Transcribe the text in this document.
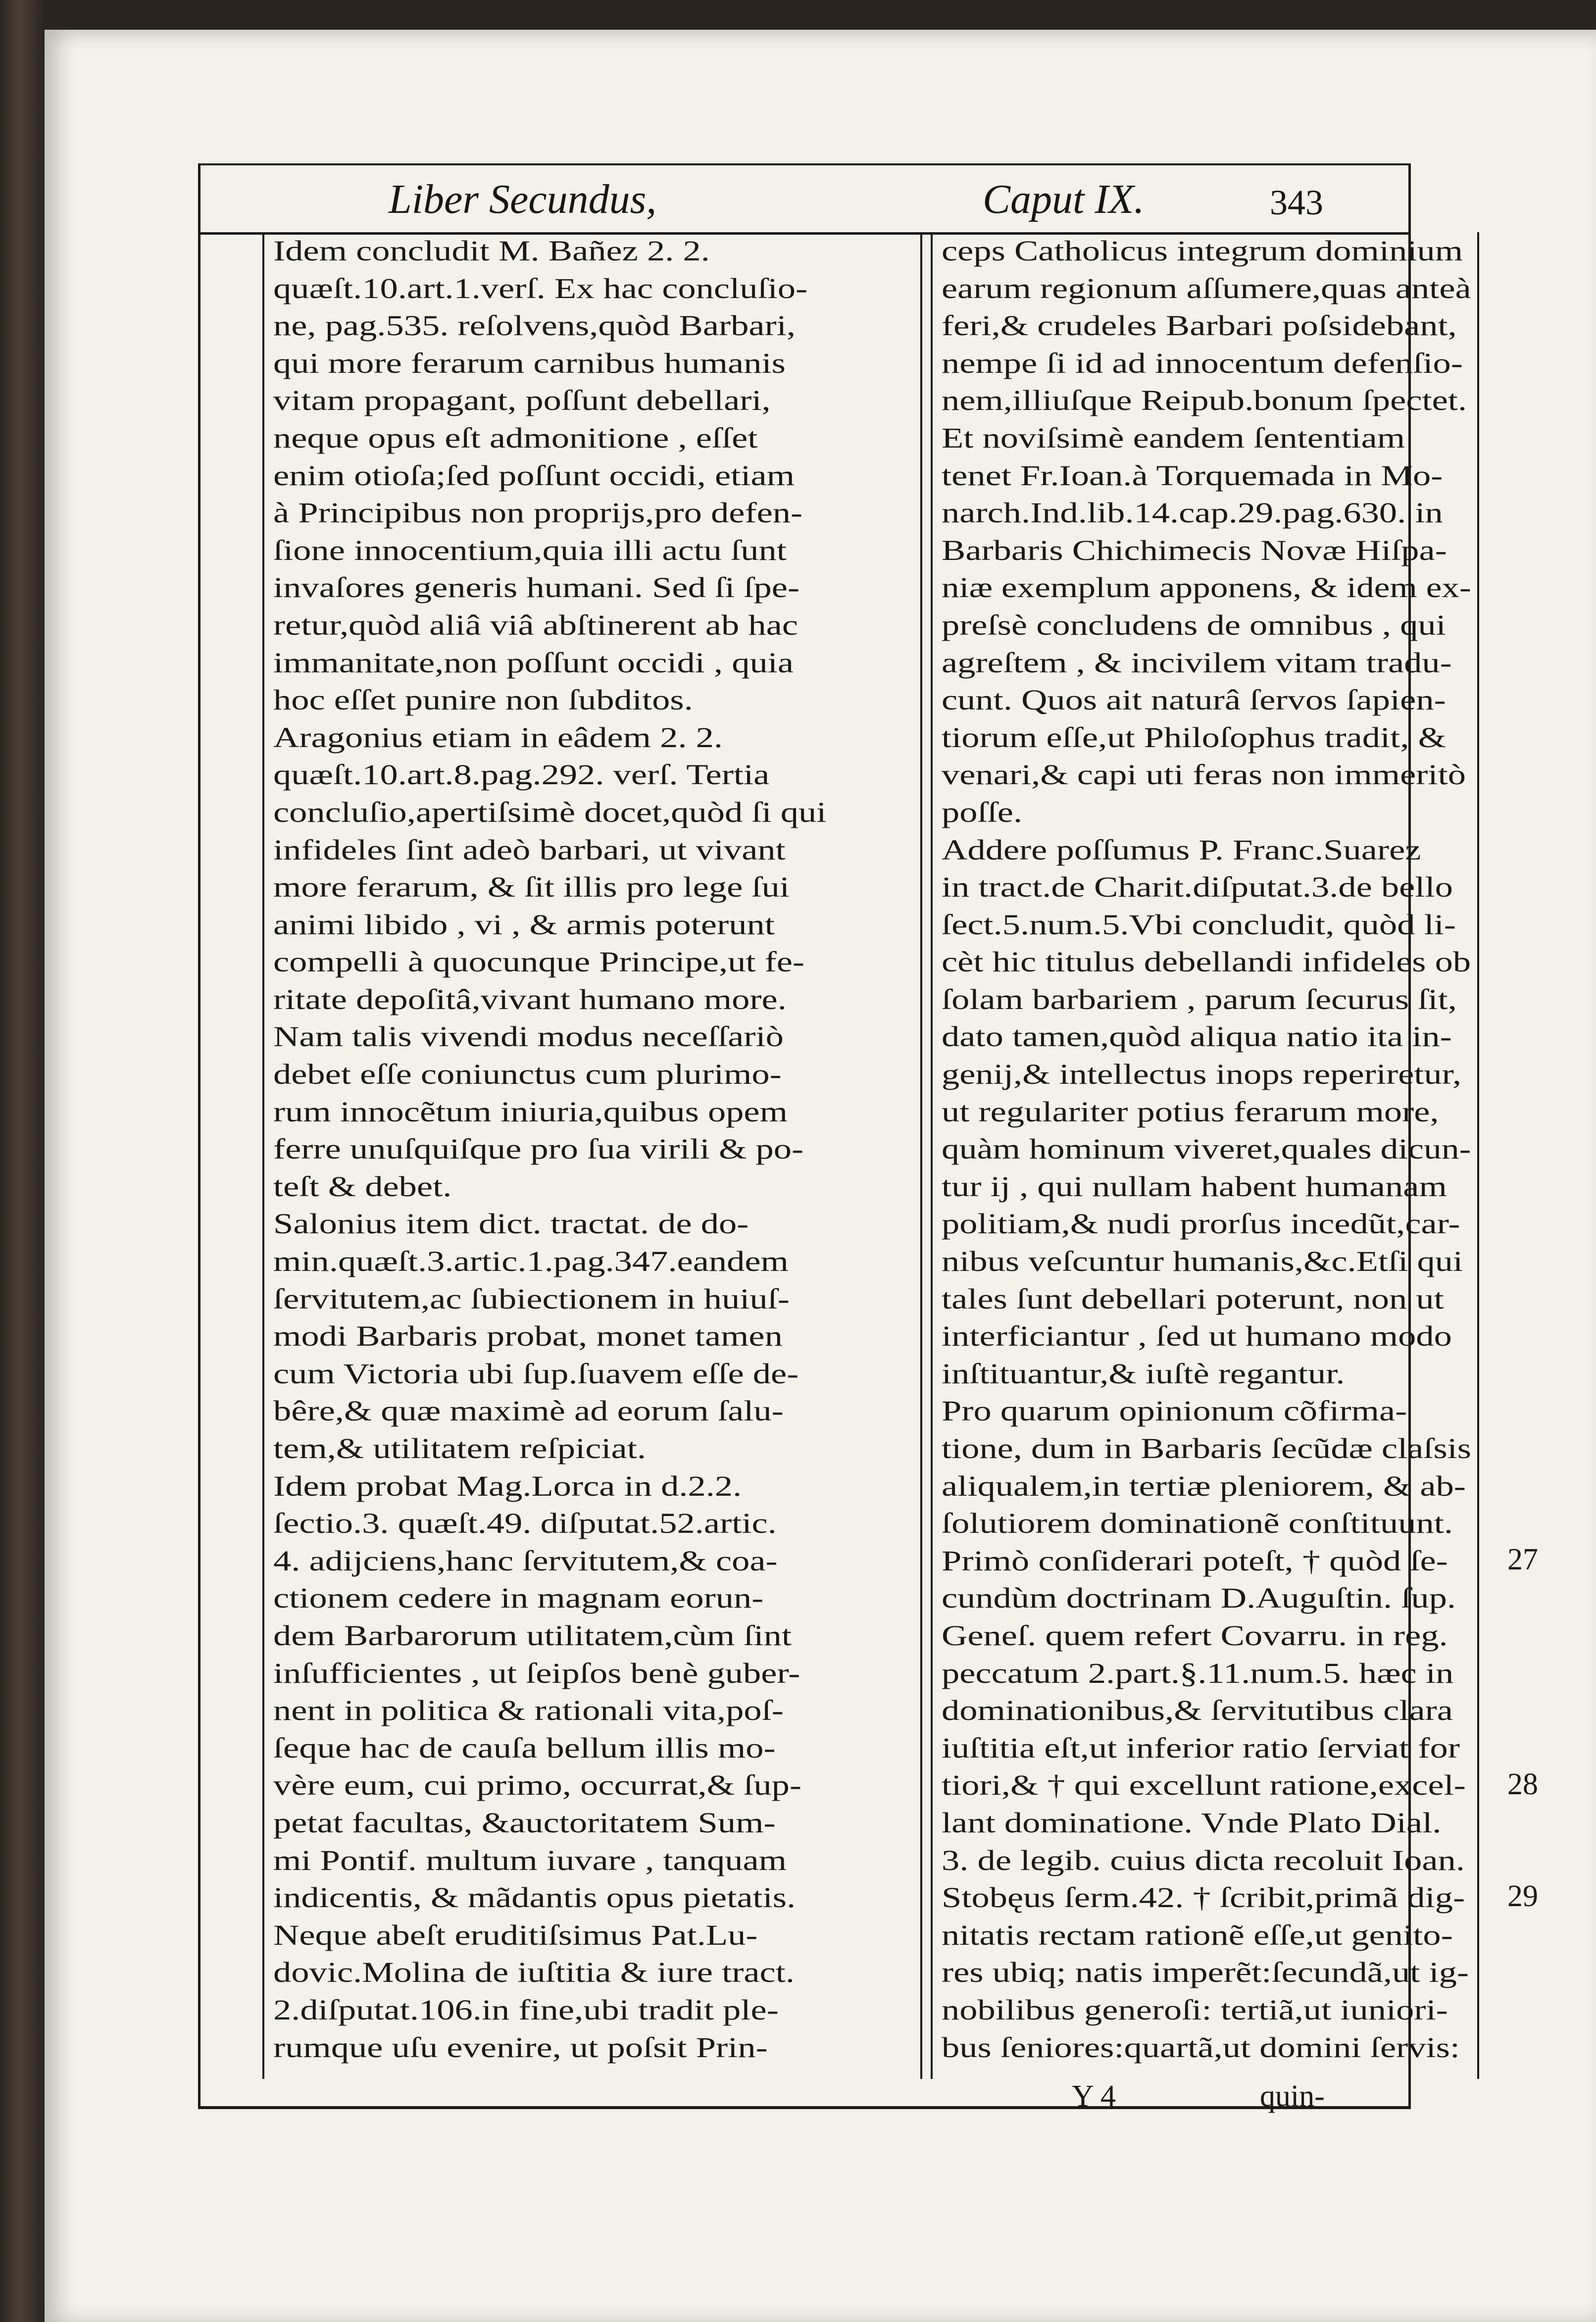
Liber Secundus,	Caput IX.	343
Idem concludit M. Bañez 2. 2.
quæſt.10.art.1.verſ. Ex hac concluſio-
ne, pag.535. reſolvens,quòd Barbari,
qui more ferarum carnibus humanis
vitam propagant, poſſunt debellari,
neque opus eſt admonitione , eſſet
enim otioſa;ſed poſſunt occidi, etiam
à Principibus non proprijs,pro defen-
ſione innocentium,quia illi actu ſunt
invaſores generis humani. Sed ſi ſpe-
retur,quòd aliâ viâ abſtinerent ab hac
immanitate,non poſſunt occidi , quia
hoc eſſet punire non ſubditos.
Aragonius etiam in eâdem 2. 2.
quæſt.10.art.8.pag.292. verſ. Tertia
concluſio,apertiſsimè docet,quòd ſi qui
infideles ſint adeò barbari, ut vivant
more ferarum, & ſit illis pro lege ſui
animi libido , vi , & armis poterunt
compelli à quocunque Principe,ut fe-
ritate depoſitâ,vivant humano more.
Nam talis vivendi modus neceſſariò
debet eſſe coniunctus cum plurimo-
rum innocẽtum iniuria,quibus opem
ferre unuſquiſque pro ſua virili & po-
teſt & debet.
Salonius item dict. tractat. de do-
min.quæſt.3.artic.1.pag.347.eandem
ſervitutem,ac ſubiectionem in huiuſ-
modi Barbaris probat, monet tamen
cum Victoria ubi ſup.ſuavem eſſe de-
bêre,& quæ maximè ad eorum ſalu-
tem,& utilitatem reſpiciat.
Idem probat Mag.Lorca in d.2.2.
ſectio.3. quæſt.49. diſputat.52.artic.
4. adijciens,hanc ſervitutem,& coa-
ctionem cedere in magnam eorun-
dem Barbarorum utilitatem,cùm ſint
inſufficientes , ut ſeipſos benè guber-
nent in politica & rationali vita,poſ-
ſeque hac de cauſa bellum illis mo-
vère eum, cui primo, occurrat,& ſup-
petat facultas, &auctoritatem Sum-
mi Pontif. multum iuvare , tanquam
indicentis, & mãdantis opus pietatis.
Neque abeſt eruditiſsimus Pat.Lu-
dovic.Molina de iuſtitia & iure tract.
2.diſputat.106.in fine,ubi tradit ple-
rumque uſu evenire, ut poſsit Prin-
ceps Catholicus integrum dominium
earum regionum aſſumere,quas anteà
feri,& crudeles Barbari poſsidebant,
nempe ſi id ad innocentum defenſio-
nem,illiuſque Reipub.bonum ſpectet.
Et noviſsimè eandem ſententiam
tenet Fr.Ioan.à Torquemada in Mo-
narch.Ind.lib.14.cap.29.pag.630. in
Barbaris Chichimecis Novæ Hiſpa-
niæ exemplum apponens, & idem ex-
preſsè concludens de omnibus , qui
agreſtem , & incivilem vitam tradu-
cunt. Quos ait naturâ ſervos ſapien-
tiorum eſſe,ut Philoſophus tradit, &
venari,& capi uti feras non immeritò
poſſe.
Addere poſſumus P. Franc.Suarez
in tract.de Charit.diſputat.3.de bello
ſect.5.num.5.Vbi concludit, quòd li-
cèt hic titulus debellandi infideles ob
ſolam barbariem , parum ſecurus ſit,
dato tamen,quòd aliqua natio ita in-
genij,& intellectus inops reperiretur,
ut regulariter potius ferarum more,
quàm hominum viveret,quales dicun-
tur ij , qui nullam habent humanam
politiam,& nudi prorſus incedũt,car-
nibus veſcuntur humanis,&c.Etſi qui
tales ſunt debellari poterunt, non ut
interficiantur , ſed ut humano modo
inſtituantur,& iuſtè regantur.
Pro quarum opinionum cõfirma-
tione, dum in Barbaris ſecũdæ claſsis
aliqualem,in tertiæ pleniorem, & ab-
ſolutiorem dominationẽ conſtituunt.
Primò conſiderari poteſt, † quòd ſe-
cundùm doctrinam D.Auguſtin. ſup.
Geneſ. quem refert Covarru. in reg.
peccatum 2.part.§.11.num.5. hæc in
dominationibus,& ſervitutibus clara
iuſtitia eſt,ut inferior ratio ſerviat for
tiori,& † qui excellunt ratione,excel-
lant dominatione. Vnde Plato Dial.
3. de legib. cuius dicta recoluit Ioan.
Stobęus ſerm.42. † ſcribit,primã dig-
nitatis rectam rationẽ eſſe,ut genito-
res ubiq; natis imperẽt:ſecundã,ut ig-
nobilibus generoſi: tertiã,ut iuniori-
bus ſeniores:quartã,ut domini ſervis:
27
28
29
Y 4	quin-
